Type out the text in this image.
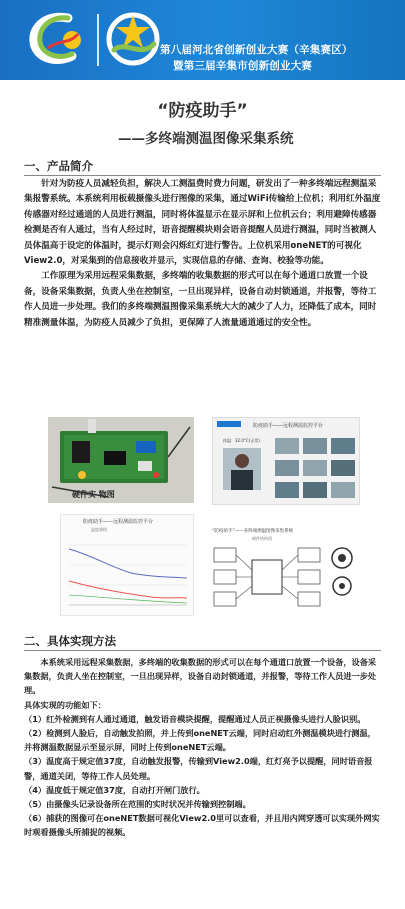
第八届河北省创新创业大赛（辛集赛区）
暨第三届辛集市创新创业大赛
“防疫助手”
——多终端测温图像采集系统
一、产品简介

针对为防疫人员减轻负担，解决人工测温费时费力问题，研发出了一种多终端远程测温采集报警系统。本系统利用板载摄像头进行图像的采集，通过WiFi传输给上位机；利用红外温度传感器对经过通道的人员进行测温，同时将体温显示在显示屏和上位机云台；利用避障传感器检测是否有人通过，当有人经过时，语音提醒模块则会语音提醒人员进行测温，同时当被测人员体温高于设定的体温时，提示灯则会闪烁红灯进行警告。上位机采用oneNET的可视化View2.0，对采集到的信息接收并显示，实现信息的存储、查询、校验等功能。

工作原理为采用远程采集数据，多终端的收集数据的形式可以在每个通道口放置一个设备，设备采集数据，负责人坐在控制室，一旦出现异样，设备自动封锁通道，并报警，等待工作人员进一步处理。我们的多终端测温图像采集系统大大的减少了人力，还降低了成本，同时精准测量体温，为防疫人员减少了负担，更保障了人流量通道通过的安全性。

硬件实 物图
防疫助手——远程测温监控平台
体温：32.0°C(正常)
防疫助手——远程测温监控平台
温度曲线	“防疫助手”——多终端测温图像采集系统
硬件结构图
二、具体实现方法

本系统采用远程采集数据，多终端的收集数据的形式可以在每个通道口放置一个设备，设备采集数据，负责人坐在控制室，一旦出现异样，设备自动封锁通道，并报警，等待工作人员进一步处理。

具体实现的功能如下：

（1）红外检测到有人通过通道，触发语音模块提醒，提醒通过人员正视摄像头进行人脸识别。

（2）检测到人脸后，自动触发拍照，并上传到oneNET云端，同时启动红外测温模块进行测温，并将测温数据显示至显示屏，同时上传到oneNET云端。

（3）温度高于规定值37度，自动触发报警，传输到View2.0端，红灯亮予以提醒，同时语音报警，通道关闭，等待工作人员处理。

（4）温度低于规定值37度，自动打开闸门放行。

（5）由摄像头记录设备所在范围的实时状况并传输到控制端。

（6）捕获的图像可在oneNET数据可视化View2.0里可以查看，并且用内网穿透可以实现外网实时观看摄像头所捕捉的视频。
